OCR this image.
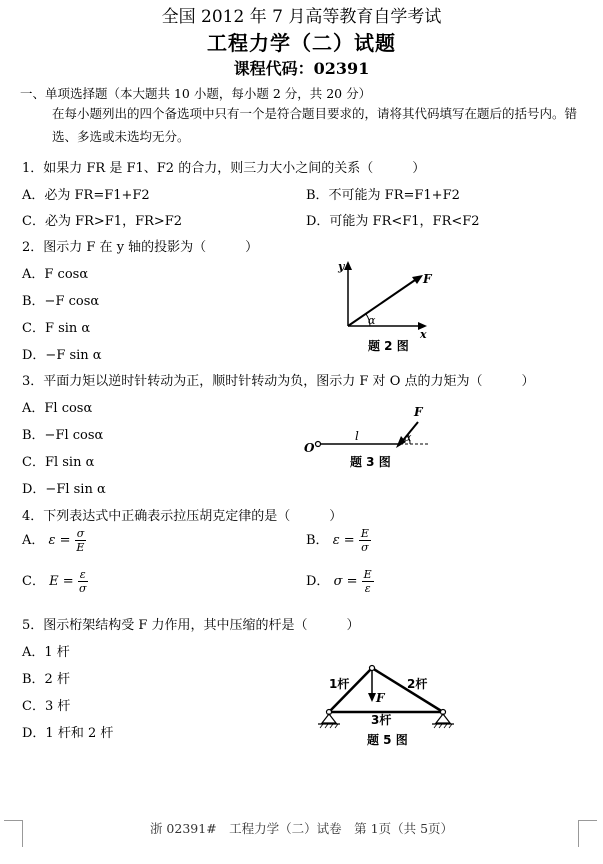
全国 2012 年 7 月高等教育自学考试
工程力学（二）试题
课程代码：02391
一、单项选择题（本大题共 10 小题，每小题 2 分，共 20 分）
在每小题列出的四个备选项中只有一个是符合题目要求的，请将其代码填写在题后的括号内。错选、多选或未选均无分。
1．如果力 FR 是 F1、F2 的合力，则三力大小之间的关系（　　　）
A．必为 FR=F1+F2	B．不可能为 FR=F1+F2
C．必为 FR>F1，FR>F2	D．可能为 FR<F1，FR<F2
2．图示力 F 在 y 轴的投影为（　　　）
A．F cosα
B．−F cosα
C．F sin α
D．−F sin α
y
x
F
α
题 2 图
3．平面力矩以逆时针转动为正，顺时针转动为负，图示力 F 对 O 点的力矩为（　　　）
A．Fl cosα
B．−Fl cosα
C．Fl sin α
D．−Fl sin α
O
l
F
α
题 3 图
4．下列表达式中正确表示拉压胡克定律的是（　　　）
A． $\varepsilon = \frac{\sigma}{E}$	B． $\varepsilon = \frac{E}{\sigma}$
C． $E = \frac{\varepsilon}{\sigma}$	D． $\sigma = \frac{E}{\varepsilon}$
5．图示桁架结构受 F 力作用，其中压缩的杆是（　　　）
A．1 杆
B．2 杆
C．3 杆
D．1 杆和 2 杆
1杆	2杆
3杆
F
题 5 图
浙 02391#　工程力学（二）试卷　第 1页（共 5页）
